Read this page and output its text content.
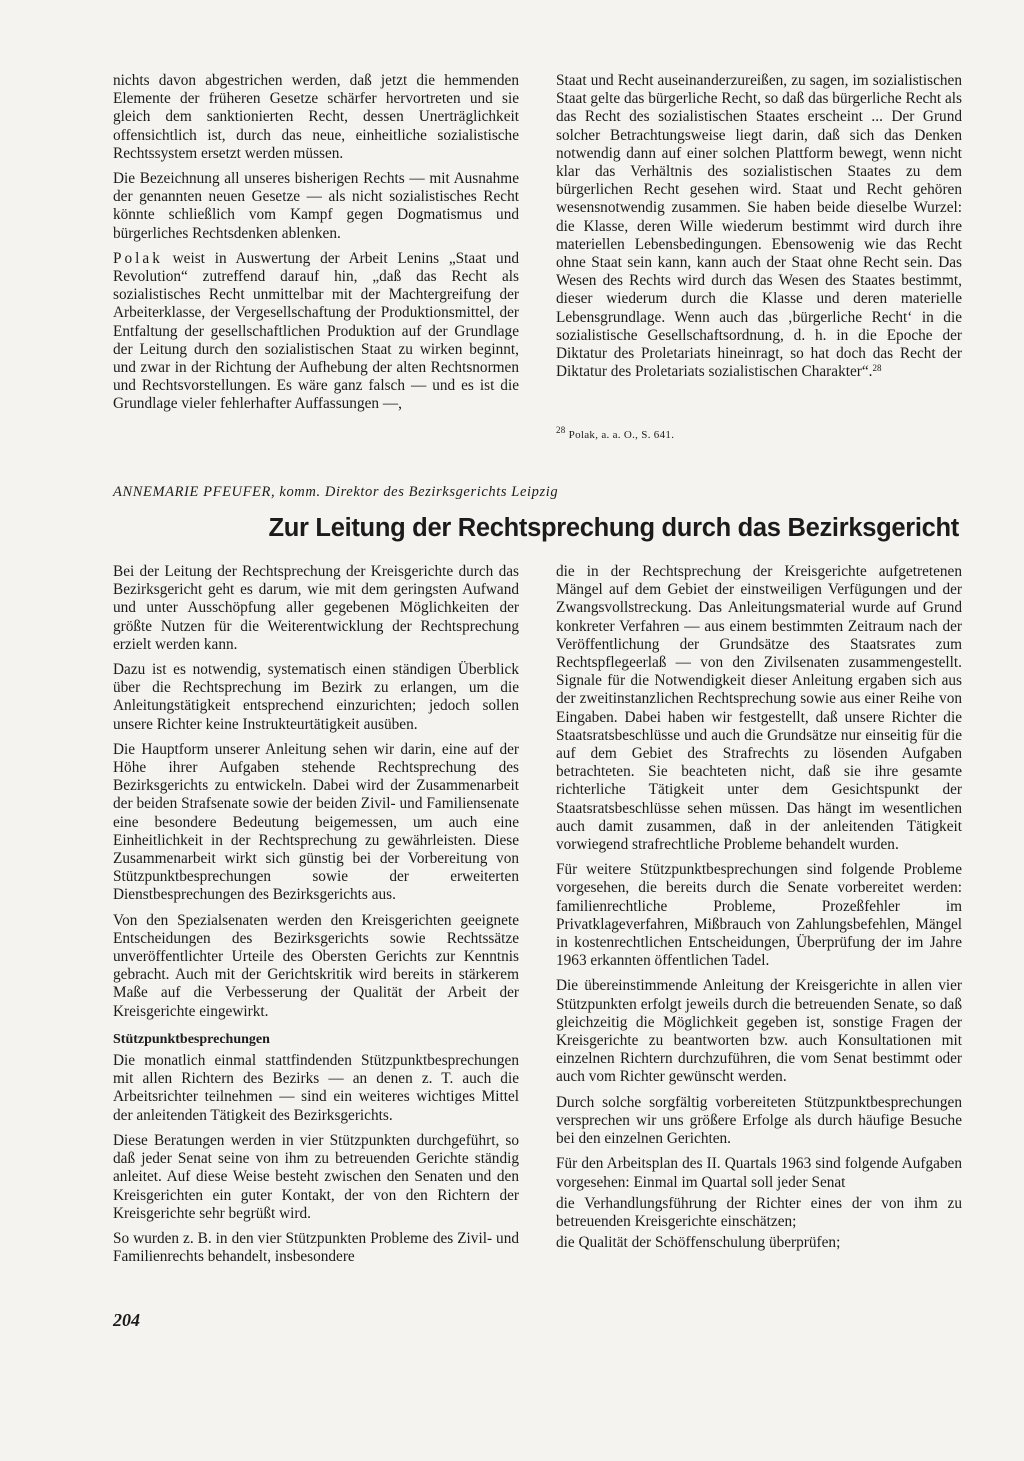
nichts davon abgestrichen werden, daß jetzt die hemmenden Elemente der früheren Gesetze schärfer hervortreten und sie gleich dem sanktionierten Recht, dessen Unerträglichkeit offensichtlich ist, durch das neue, einheitliche sozialistische Rechtssystem ersetzt werden müssen.

Die Bezeichnung all unseres bisherigen Rechts — mit Ausnahme der genannten neuen Gesetze — als nicht sozialistisches Recht könnte schließlich vom Kampf gegen Dogmatismus und bürgerliches Rechtsdenken ablenken.

Polak weist in Auswertung der Arbeit Lenins „Staat und Revolution“ zutreffend darauf hin, „daß das Recht als sozialistisches Recht unmittelbar mit der Machtergreifung der Arbeiterklasse, der Vergesellschaftung der Produktionsmittel, der Entfaltung der gesellschaftlichen Produktion auf der Grundlage der Leitung durch den sozialistischen Staat zu wirken beginnt, und zwar in der Richtung der Aufhebung der alten Rechtsnormen und Rechtsvorstellungen. Es wäre ganz falsch — und es ist die Grundlage vieler fehlerhafter Auffassungen —,

Staat und Recht auseinanderzureißen, zu sagen, im sozialistischen Staat gelte das bürgerliche Recht, so daß das bürgerliche Recht als das Recht des sozialistischen Staates erscheint ... Der Grund solcher Betrachtungsweise liegt darin, daß sich das Denken notwendig dann auf einer solchen Plattform bewegt, wenn nicht klar das Verhältnis des sozialistischen Staates zu dem bürgerlichen Recht gesehen wird. Staat und Recht gehören wesensnotwendig zusammen. Sie haben beide dieselbe Wurzel: die Klasse, deren Wille wiederum bestimmt wird durch ihre materiellen Lebensbedingungen. Ebensowenig wie das Recht ohne Staat sein kann, kann auch der Staat ohne Recht sein. Das Wesen des Rechts wird durch das Wesen des Staates bestimmt, dieser wiederum durch die Klasse und deren materielle Lebensgrundlage. Wenn auch das ‚bürgerliche Recht‘ in die sozialistische Gesellschaftsordnung, d. h. in die Epoche der Diktatur des Proletariats hineinragt, so hat doch das Recht der Diktatur des Proletariats sozialistischen Charakter“.$^{28}$

$^{28}$ Polak, a. a. O., S. 641.
ANNEMARIE PFEUFER, komm. Direktor des Bezirksgerichts Leipzig
Zur Leitung der Rechtsprechung durch das Bezirksgericht

Bei der Leitung der Rechtsprechung der Kreisgerichte durch das Bezirksgericht geht es darum, wie mit dem geringsten Aufwand und unter Ausschöpfung aller gegebenen Möglichkeiten der größte Nutzen für die Weiterentwicklung der Rechtsprechung erzielt werden kann.

Dazu ist es notwendig, systematisch einen ständigen Überblick über die Rechtsprechung im Bezirk zu erlangen, um die Anleitungstätigkeit entsprechend einzurichten; jedoch sollen unsere Richter keine Instrukteurtätigkeit ausüben.

Die Hauptform unserer Anleitung sehen wir darin, eine auf der Höhe ihrer Aufgaben stehende Rechtsprechung des Bezirksgerichts zu entwickeln. Dabei wird der Zusammenarbeit der beiden Strafsenate sowie der beiden Zivil- und Familiensenate eine besondere Bedeutung beigemessen, um auch eine Einheitlichkeit in der Rechtsprechung zu gewährleisten. Diese Zusammenarbeit wirkt sich günstig bei der Vorbereitung von Stützpunktbesprechungen sowie der erweiterten Dienstbesprechungen des Bezirksgerichts aus.

Von den Spezialsenaten werden den Kreisgerichten geeignete Entscheidungen des Bezirksgerichts sowie Rechtssätze unveröffentlichter Urteile des Obersten Gerichts zur Kenntnis gebracht. Auch mit der Gerichtskritik wird bereits in stärkerem Maße auf die Verbesserung der Qualität der Arbeit der Kreisgerichte eingewirkt.

Stützpunktbesprechungen

Die monatlich einmal stattfindenden Stützpunktbesprechungen mit allen Richtern des Bezirks — an denen z. T. auch die Arbeitsrichter teilnehmen — sind ein weiteres wichtiges Mittel der anleitenden Tätigkeit des Bezirksgerichts.

Diese Beratungen werden in vier Stützpunkten durchgeführt, so daß jeder Senat seine von ihm zu betreuenden Gerichte ständig anleitet. Auf diese Weise besteht zwischen den Senaten und den Kreisgerichten ein guter Kontakt, der von den Richtern der Kreisgerichte sehr begrüßt wird.

So wurden z. B. in den vier Stützpunkten Probleme des Zivil- und Familienrechts behandelt, insbesondere

die in der Rechtsprechung der Kreisgerichte aufgetretenen Mängel auf dem Gebiet der einstweiligen Verfügungen und der Zwangsvollstreckung. Das Anleitungsmaterial wurde auf Grund konkreter Verfahren — aus einem bestimmten Zeitraum nach der Veröffentlichung der Grundsätze des Staatsrates zum Rechtspflegeerlaß — von den Zivilsenaten zusammengestellt. Signale für die Notwendigkeit dieser Anleitung ergaben sich aus der zweitinstanzlichen Rechtsprechung sowie aus einer Reihe von Eingaben. Dabei haben wir festgestellt, daß unsere Richter die Staatsratsbeschlüsse und auch die Grundsätze nur einseitig für die auf dem Gebiet des Strafrechts zu lösenden Aufgaben betrachteten. Sie beachteten nicht, daß sie ihre gesamte richterliche Tätigkeit unter dem Gesichtspunkt der Staatsratsbeschlüsse sehen müssen. Das hängt im wesentlichen auch damit zusammen, daß in der anleitenden Tätigkeit vorwiegend strafrechtliche Probleme behandelt wurden.

Für weitere Stützpunktbesprechungen sind folgende Probleme vorgesehen, die bereits durch die Senate vorbereitet werden: familienrechtliche Probleme, Prozeßfehler im Privatklageverfahren, Mißbrauch von Zahlungsbefehlen, Mängel in kostenrechtlichen Entscheidungen, Überprüfung der im Jahre 1963 erkannten öffentlichen Tadel.

Die übereinstimmende Anleitung der Kreisgerichte in allen vier Stützpunkten erfolgt jeweils durch die betreuenden Senate, so daß gleichzeitig die Möglichkeit gegeben ist, sonstige Fragen der Kreisgerichte zu beantworten bzw. auch Konsultationen mit einzelnen Richtern durchzuführen, die vom Senat bestimmt oder auch vom Richter gewünscht werden.

Durch solche sorgfältig vorbereiteten Stützpunktbesprechungen versprechen wir uns größere Erfolge als durch häufige Besuche bei den einzelnen Gerichten.

Für den Arbeitsplan des II. Quartals 1963 sind folgende Aufgaben vorgesehen: Einmal im Quartal soll jeder Senat

die Verhandlungsführung der Richter eines der von ihm zu betreuenden Kreisgerichte einschätzen;

die Qualität der Schöffenschulung überprüfen;

204
